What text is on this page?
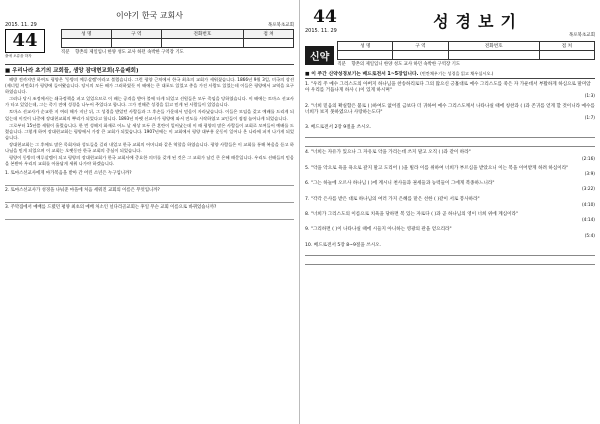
이야기 한국 교회사
2015. 11. 29
44
출애 오류을 하자
목포북초교회
성 명	구 역	전화번호	점 쳐

직분 향촌의 제일입니 한양 성도 교사 하던 속박한 구역장 기도
■ 우리나라 초기의 교회들, 샘앙 잠대현교회(우을배회)

해방 전까지만 하여도 평양은 '동방의 예루살렘'이라고 불렀습니다. 그런 평양 근처에서 한국 최초의 교회가 세워졌습니다. 1866년 9월 3일, 미국의 상선(제너럴 셔먼호)가 평양에 들어왔습니다. 당시의 모든 배가 그러하였듯 이 배에는 큰 대포도 있었고 총을 가진 사람도 있었는데 이들은 평양에서 교역을 요구하였습니다.

그러나 당시 조정에서는 쇄국정책을 펴고 있었으므로 이 배는 공격을 받아 불에 타게 되었고 선원들은 모두 죽임을 당하였습니다. 이 배에는 토마스 선교사가 타고 있었는데, 그는 죽기 전에 성경을 나누어 주었다고 합니다. 그가 전해준 성경을 읽고 믿게 된 사람들이 있었습니다.

토마스 선교사가 순교한 지 여러 해가 지난 뒤, 그 성경을 받았던 사람들과 그 후손들 가운데서 믿음이 자라났습니다. 이들은 모임을 갖고 예배를 드리게 되었는데 이것이 나중에 장대현교회의 뿌리가 되었다고 합니다. 1893년 마펫 선교사가 평양에 와서 전도를 시작하였고 교인들이 점점 늘어나게 되었습니다.

그로부터 15년쯤 세월이 흘렀습니다. 한 번 성해지 화재로 어느 날 세상 모두 큰 혼란이 일어났는데 이 때 평양의 많은 사람들이 교회로 모여들어 예배를 드렸습니다. 그렇게 하여 장대현교회는 평양에서 가장 큰 교회가 되었습니다. 1907년에는 이 교회에서 평양 대부흥 운동이 일어나 온 나라에 퍼져 나가게 되었습니다.

장대현교회는 그 후에도 많은 목회자와 성도들을 길러 내었고 한국 교회의 어머니와 같은 역할을 하였습니다. 평양 사람들은 이 교회를 통해 복음을 듣고 하나님을 믿게 되었으며 이 교회는 오랫동안 한국 교회의 중심이 되었습니다.

평양이 동방의 예루살렘이 되고 평양의 장대현교회가 한국 교회사에 중요한 의미를 갖게 된 것은 그 교회가 남긴 큰 은혜 때문입니다. 우리도 선배들의 믿음을 본받아 우리의 교회를 아름답게 세워 나가야 하겠습니다.

1. 토마스선교사에게 마가복음을 받아 간 어린 소년은 누구입니까?
2. 토마스선교사가 성경을 나눠준 마을에 처음 세워진 교회의 이름은 무엇입니까?
3. 주막집에서 예배를 드렸던 평양 최초의 예배 처소인 널다리골교회는 후일 무슨 교회 이름으로 바뀌었습니까?
44
2015. 11. 29	성경보기
목포북초교회
신약
성 명	구 역	전화번호	점 쳐

직분 향촌의 제일입니 한양 성도 교사 하던 속박한 구역장 기도
■ 이 주간 신약성경보기는 베드로전서 1~5장입니다. (빈칸채우기는 성경을 읽고 채우십시오.)
1. "우리 주 예수 그리스도의 아버지 하나님을 찬송하리로다 그의 많으신 긍휼대로 예수 그리스도를 죽은 자 가운데서 부활하게 하심으로 말미암아 우리를 거듭나게 하사 ( )이 있게 하시며"
(1:3)
2. "너희 믿음의 확실함은 불로 ( )하여도 없어질 금보다 더 귀하여 예수 그리스도께서 나타나실 때에 칭찬과 ( )과 존귀를 얻게 할 것이니라 예수를 너희가 보지 못하였으나 사랑하는도다"
(1:7)
3. 베드로전서 2장 9절을 쓰시오.
4. "너희는 자유가 있으나 그 자유로 악을 가리는데 쓰지 말고 오직 ( )과 같이 하라"
(2:16)
5. "악을 악으로 욕을 욕으로 갚지 말고 도리어 ( )을 빌라 이를 위하여 너희가 부르심을 받았으니 이는 복을 이어받게 하려 하심이라"
(3:9)
6. "그는 하늘에 오르사 하나님 ( )에 계시니 천사들과 권세들과 능력들이 그에게 복종하느니라"
(3:22)
7. "각각 은사를 받은 대로 하나님의 여러 가지 은혜를 맡은 선한 ( )같이 서로 봉사하라"
(4:10)
8. "너희가 그리스도의 이름으로 치욕을 당하면 복 있는 자로다 ( )과 곧 하나님의 영이 너희 위에 계심이라"
(4:14)
9. "그리하면 ( )이 나타나실 때에 시들지 아니하는 영광의 관을 얻으리라"
(5:4)
10. 베드로전서 5장 8~9절을 쓰시오.
